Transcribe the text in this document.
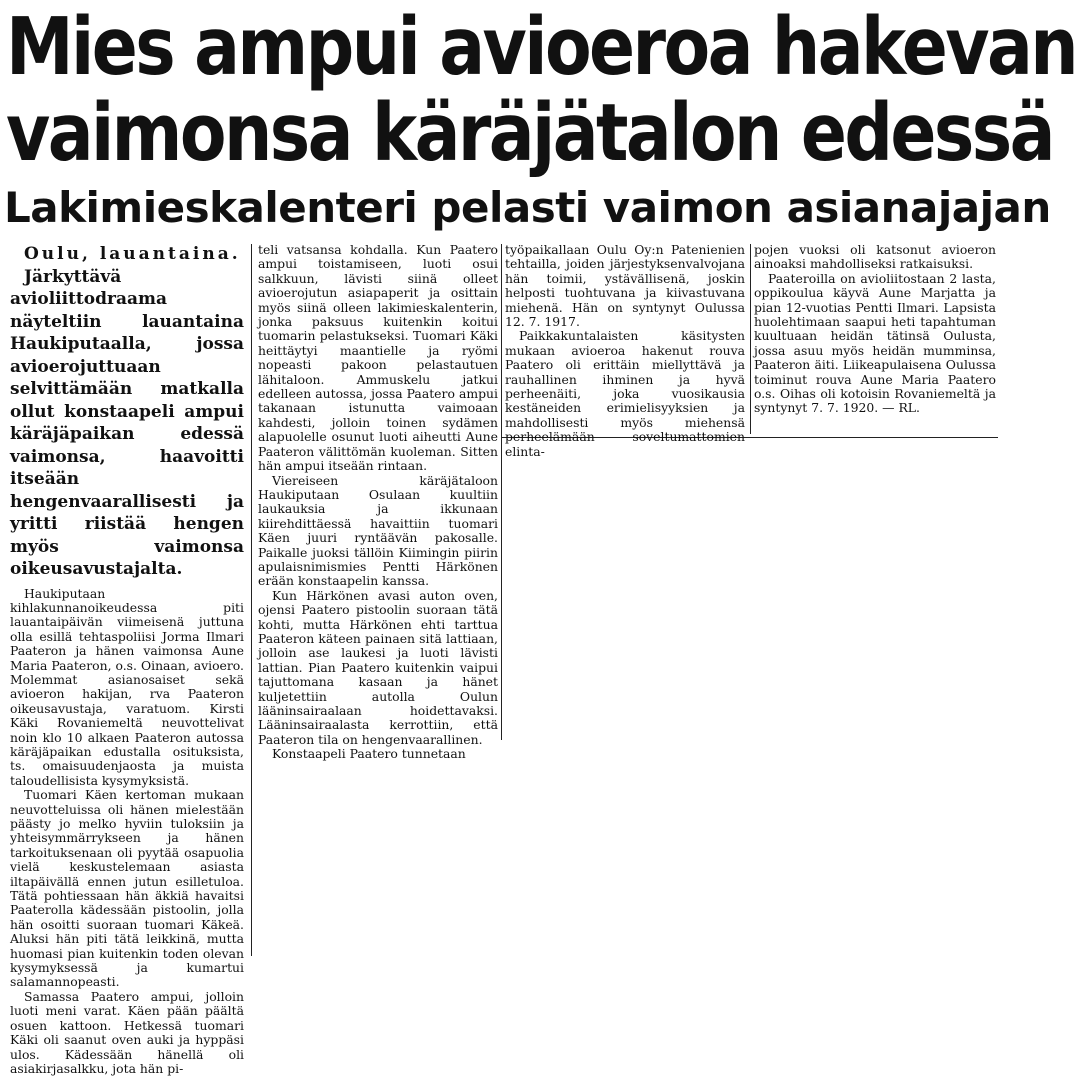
Mies ampui avioeroa hakevan
vaimonsa käräjätalon edessä
Lakimieskalenteri pelasti vaimon asianajajan

Oulu, lauantaina.

Järkyttävä avioliittodraama näyteltiin lauantaina Haukiputaalla, jossa avioerojuttuaan selvittämään matkalla ollut konstaapeli ampui käräjäpaikan edessä vaimonsa, haavoitti itseään hengenvaarallisesti ja yritti riistää hengen myös vaimonsa oikeusavustajalta.

Haukiputaan kihlakunnanoikeudessa piti lauantaipäivän viimeisenä juttuna olla esillä tehtaspoliisi Jorma Ilmari Paateron ja hänen vaimonsa Aune Maria Paateron, o.s. Oinaan, avioero. Molemmat asianosaiset sekä avioeron hakijan, rva Paateron oikeusavustaja, varatuom. Kirsti Käki Rovaniemeltä neuvottelivat noin klo 10 alkaen Paateron autossa käräjäpaikan edustalla osituksista, ts. omaisuudenjaosta ja muista taloudellisista kysymyksistä.

Tuomari Käen kertoman mukaan neuvotteluissa oli hänen mielestään päästy jo melko hyviin tuloksiin ja yhteisymmärrykseen ja hänen tarkoituksenaan oli pyytää osapuolia vielä keskustelemaan asiasta iltapäivällä ennen jutun esilletuloa. Tätä pohtiessaan hän äkkiä havaitsi Paaterolla kädessään pistoolin, jolla hän osoitti suoraan tuomari Käkeä. Aluksi hän piti tätä leikkinä, mutta huomasi pian kuitenkin toden olevan kysymyksessä ja kumartui salamannopeasti.

Samassa Paatero ampui, jolloin luoti meni varat. Käen pään päältä osuen kattoon. Hetkessä tuomari Käki oli saanut oven auki ja hyppäsi ulos. Kädessään hänellä oli asiakirjasalkku, jota hän pi-

teli vatsansa kohdalla. Kun Paatero ampui toistamiseen, luoti osui salkkuun, lävisti siinä olleet avioerojutun asiapaperit ja osittain myös siinä olleen lakimieskalenterin, jonka paksuus kuitenkin koitui tuomarin pelastukseksi. Tuomari Käki heittäytyi maantielle ja ryömi nopeasti pakoon pelastautuen lähitaloon. Ammuskelu jatkui edelleen autossa, jossa Paatero ampui takanaan istunutta vaimoaan kahdesti, jolloin toinen sydämen alapuolelle osunut luoti aiheutti Aune Paateron välittömän kuoleman. Sitten hän ampui itseään rintaan.

Viereiseen käräjätaloon Haukiputaan Osulaan kuultiin laukauksia ja ikkunaan kiirehdittäessä havaittiin tuomari Käen juuri ryntäävän pakosalle. Paikalle juoksi tällöin Kiimingin piirin apulaisnimismies Pentti Härkönen erään konstaapelin kanssa.

Kun Härkönen avasi auton oven, ojensi Paatero pistoolin suoraan tätä kohti, mutta Härkönen ehti tarttua Paateron käteen painaen sitä lattiaan, jolloin ase laukesi ja luoti lävisti lattian. Pian Paatero kuitenkin vaipui tajuttomana kasaan ja hänet kuljetettiin autolla Oulun lääninsairaalaan hoidettavaksi. Lääninsairaalasta kerrottiin, että Paateron tila on hengenvaarallinen.

Konstaapeli Paatero tunnetaan

työpaikallaan Oulu Oy:n Patenienien tehtailla, joiden järjestyksenvalvojana hän toimii, ystävällisenä, joskin helposti tuohtuvana ja kiivastuvana miehenä. Hän on syntynyt Oulussa 12. 7. 1917.

Paikkakuntalaisten käsitysten mukaan avioeroa hakenut rouva Paatero oli erittäin miellyttävä ja rauhallinen ihminen ja hyvä perheenäiti, joka vuosikausia kestäneiden erimielisyyksien ja mahdollisesti myös miehensä perheelämään soveltumattomien elinta-

pojen vuoksi oli katsonut avioeron ainoaksi mahdolliseksi ratkaisuksi.

Paateroilla on avioliitostaan 2 lasta, oppikoulua käyvä Aune Marjatta ja pian 12-vuotias Pentti Ilmari. Lapsista huolehtimaan saapui heti tapahtuman kuultuaan heidän tätinsä Oulusta, jossa asuu myös heidän mumminsa, Paateron äiti. Liikeapulaisena Oulussa toiminut rouva Aune Maria Paatero o.s. Oihas oli kotoisin Rovaniemeltä ja syntynyt 7. 7. 1920. — RL.
